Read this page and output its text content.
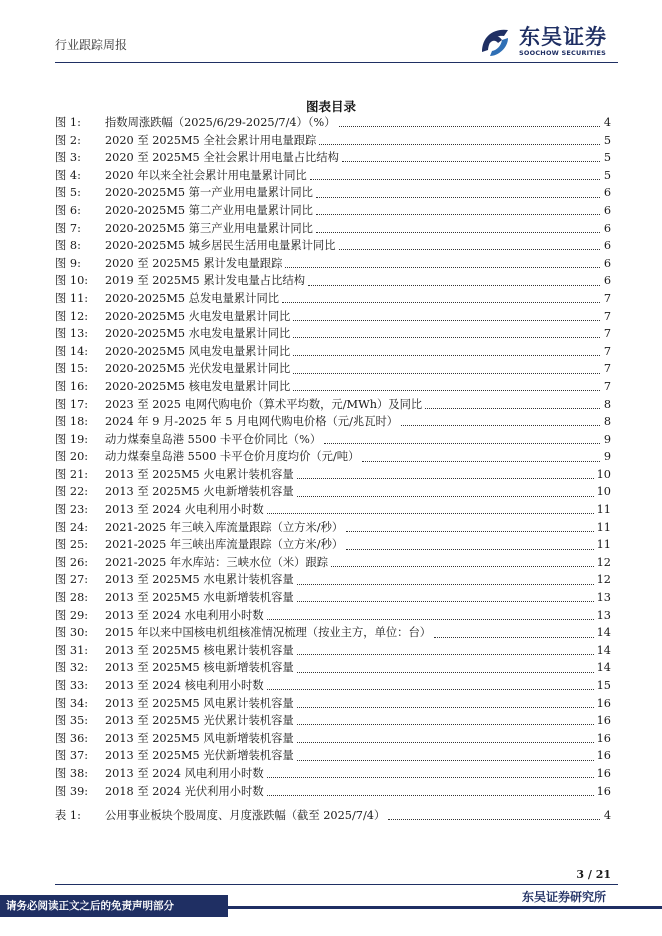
行业跟踪周报	东吴证券
SOOCHOW SECURITIES
图表目录
图 1:	指数周涨跌幅（2025/6/29-2025/7/4）（%）	4
图 2:	2020 至 2025M5 全社会累计用电量跟踪	5
图 3:	2020 至 2025M5 全社会累计用电量占比结构	5
图 4:	2020 年以来全社会累计用电量累计同比	5
图 5:	2020-2025M5 第一产业用电量累计同比	6
图 6:	2020-2025M5 第二产业用电量累计同比	6
图 7:	2020-2025M5 第三产业用电量累计同比	6
图 8:	2020-2025M5 城乡居民生活用电量累计同比	6
图 9:	2020 至 2025M5 累计发电量跟踪	6
图 10:	2019 至 2025M5 累计发电量占比结构	6
图 11:	2020-2025M5 总发电量累计同比	7
图 12:	2020-2025M5 火电发电量累计同比	7
图 13:	2020-2025M5 水电发电量累计同比	7
图 14:	2020-2025M5 风电发电量累计同比	7
图 15:	2020-2025M5 光伏发电量累计同比	7
图 16:	2020-2025M5 核电发电量累计同比	7
图 17:	2023 至 2025 电网代购电价（算术平均数，元/MWh）及同比	8
图 18:	2024 年 9 月-2025 年 5 月电网代购电价格（元/兆瓦时）	8
图 19:	动力煤秦皇岛港 5500 卡平仓价同比（%）	9
图 20:	动力煤秦皇岛港 5500 卡平仓价月度均价（元/吨）	9
图 21:	2013 至 2025M5 火电累计装机容量	10
图 22:	2013 至 2025M5 火电新增装机容量	10
图 23:	2013 至 2024 火电利用小时数	11
图 24:	2021-2025 年三峡入库流量跟踪（立方米/秒）	11
图 25:	2021-2025 年三峡出库流量跟踪（立方米/秒）	11
图 26:	2021-2025 年水库站：三峡水位（米）跟踪	12
图 27:	2013 至 2025M5 水电累计装机容量	12
图 28:	2013 至 2025M5 水电新增装机容量	13
图 29:	2013 至 2024 水电利用小时数	13
图 30:	2015 年以来中国核电机组核准情况梳理（按业主方，单位：台）	14
图 31:	2013 至 2025M5 核电累计装机容量	14
图 32:	2013 至 2025M5 核电新增装机容量	14
图 33:	2013 至 2024 核电利用小时数	15
图 34:	2013 至 2025M5 风电累计装机容量	16
图 35:	2013 至 2025M5 光伏累计装机容量	16
图 36:	2013 至 2025M5 风电新增装机容量	16
图 37:	2013 至 2025M5 光伏新增装机容量	16
图 38:	2013 至 2024 风电利用小时数	16
图 39:	2018 至 2024 光伏利用小时数	16
表 1:	公用事业板块个股周度、月度涨跌幅（截至 2025/7/4）	4
3 / 21
请务必阅读正文之后的免责声明部分
东吴证券研究所
